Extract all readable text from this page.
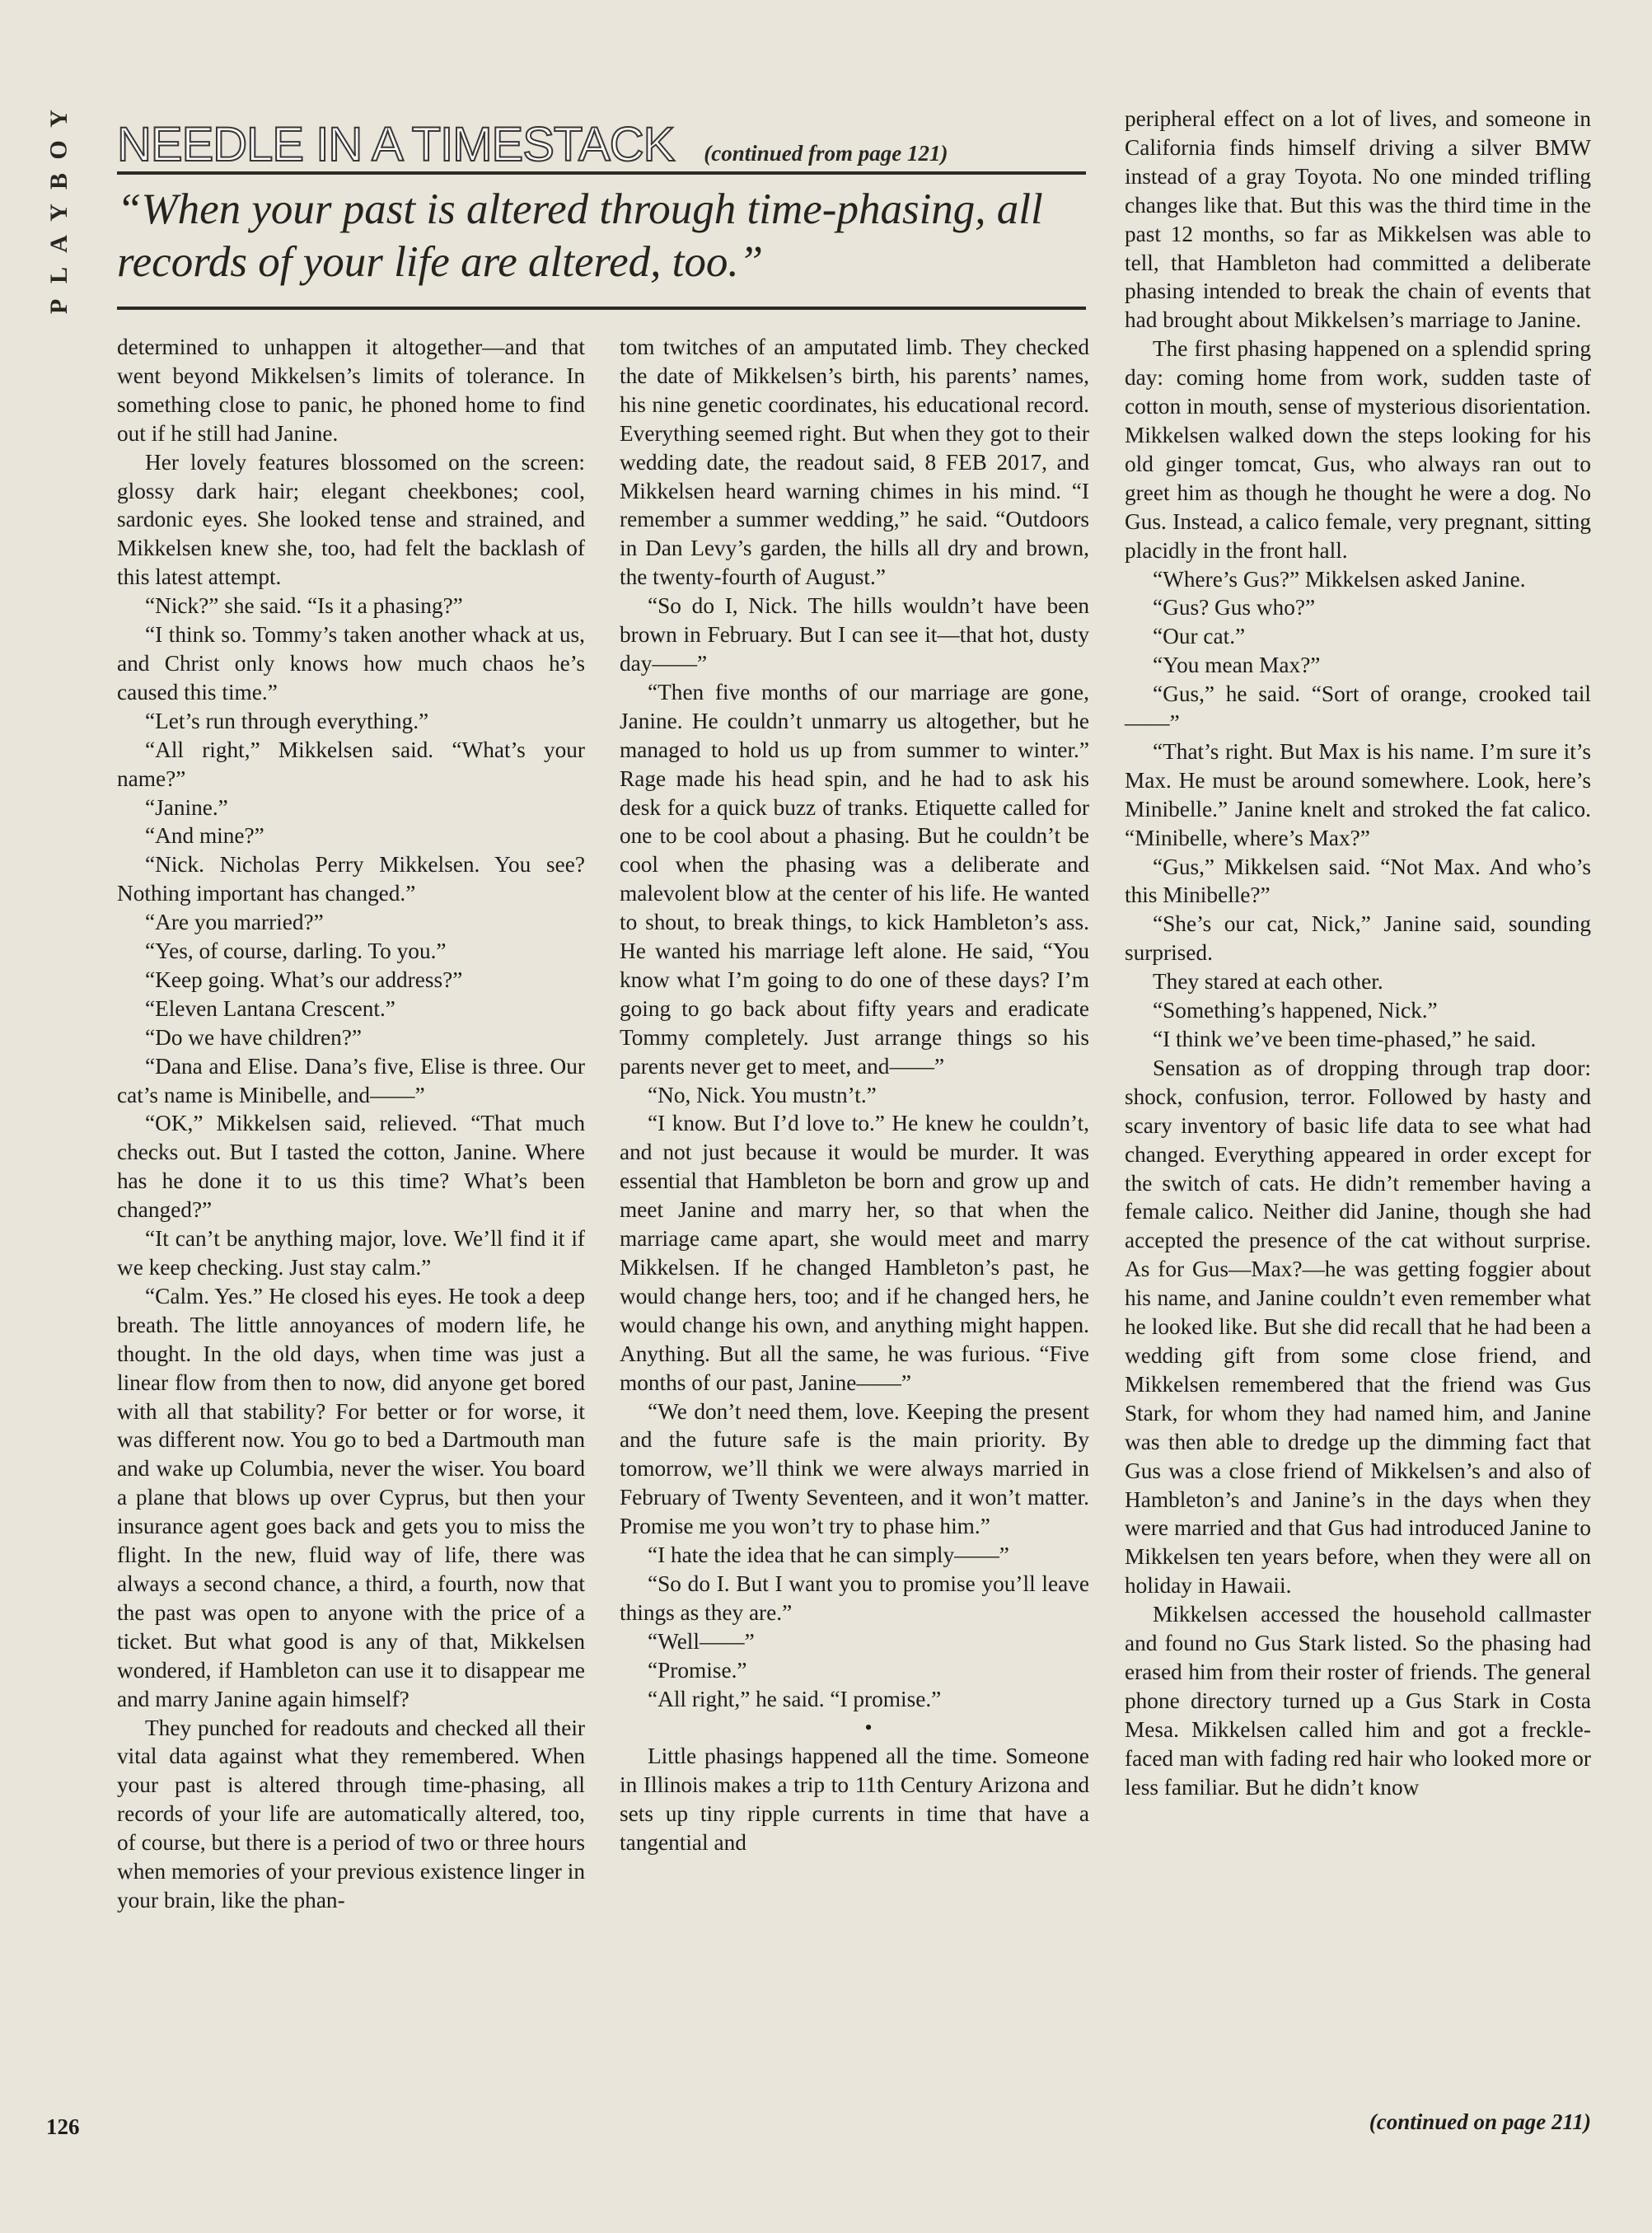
Y
O
B
Y
A
L
P
NEEDLE IN A TIMESTACK (continued from page 121)
“When your past is altered through time-phasing, all records of your life are altered, too.”

determined to unhappen it altogether—and that went beyond Mikkelsen’s limits of tolerance. In something close to panic, he phoned home to find out if he still had Janine.

Her lovely features blossomed on the screen: glossy dark hair; elegant cheekbones; cool, sardonic eyes. She looked tense and strained, and Mikkelsen knew she, too, had felt the backlash of this latest attempt.

“Nick?” she said. “Is it a phasing?”

“I think so. Tommy’s taken another whack at us, and Christ only knows how much chaos he’s caused this time.”

“Let’s run through everything.”

“All right,” Mikkelsen said. “What’s your name?”

“Janine.”

“And mine?”

“Nick. Nicholas Perry Mikkelsen. You see? Nothing important has changed.”

“Are you married?”

“Yes, of course, darling. To you.”

“Keep going. What’s our address?”

“Eleven Lantana Crescent.”

“Do we have children?”

“Dana and Elise. Dana’s five, Elise is three. Our cat’s name is Minibelle, and——”

“OK,” Mikkelsen said, relieved. “That much checks out. But I tasted the cotton, Janine. Where has he done it to us this time? What’s been changed?”

“It can’t be anything major, love. We’ll find it if we keep checking. Just stay calm.”

“Calm. Yes.” He closed his eyes. He took a deep breath. The little annoyances of modern life, he thought. In the old days, when time was just a linear flow from then to now, did anyone get bored with all that stability? For better or for worse, it was different now. You go to bed a Dartmouth man and wake up Columbia, never the wiser. You board a plane that blows up over Cyprus, but then your insurance agent goes back and gets you to miss the flight. In the new, fluid way of life, there was always a second chance, a third, a fourth, now that the past was open to anyone with the price of a ticket. But what good is any of that, Mikkelsen wondered, if Hambleton can use it to disappear me and marry Janine again himself?

They punched for readouts and checked all their vital data against what they remembered. When your past is altered through time-phasing, all records of your life are automatically altered, too, of course, but there is a period of two or three hours when memories of your previous existence linger in your brain, like the phan-

tom twitches of an amputated limb. They checked the date of Mikkelsen’s birth, his parents’ names, his nine genetic coordinates, his educational record. Everything seemed right. But when they got to their wedding date, the readout said, 8 FEB 2017, and Mikkelsen heard warning chimes in his mind. “I remember a summer wedding,” he said. “Outdoors in Dan Levy’s garden, the hills all dry and brown, the twenty-fourth of August.”

“So do I, Nick. The hills wouldn’t have been brown in February. But I can see it—that hot, dusty day——”

“Then five months of our marriage are gone, Janine. He couldn’t unmarry us altogether, but he managed to hold us up from summer to winter.” Rage made his head spin, and he had to ask his desk for a quick buzz of tranks. Etiquette called for one to be cool about a phasing. But he couldn’t be cool when the phasing was a deliberate and malevolent blow at the center of his life. He wanted to shout, to break things, to kick Hambleton’s ass. He wanted his marriage left alone. He said, “You know what I’m going to do one of these days? I’m going to go back about fifty years and eradicate Tommy completely. Just arrange things so his parents never get to meet, and——”

“No, Nick. You mustn’t.”

“I know. But I’d love to.” He knew he couldn’t, and not just because it would be murder. It was essential that Hambleton be born and grow up and meet Janine and marry her, so that when the marriage came apart, she would meet and marry Mikkelsen. If he changed Hambleton’s past, he would change hers, too; and if he changed hers, he would change his own, and anything might happen. Anything. But all the same, he was furious. “Five months of our past, Janine——”

“We don’t need them, love. Keeping the present and the future safe is the main priority. By tomorrow, we’ll think we were always married in February of Twenty Seventeen, and it won’t matter. Promise me you won’t try to phase him.”

“I hate the idea that he can simply——”

“So do I. But I want you to promise you’ll leave things as they are.”

“Well——”

“Promise.”

“All right,” he said. “I promise.”

•

Little phasings happened all the time. Someone in Illinois makes a trip to 11th Century Arizona and sets up tiny ripple currents in time that have a tangential and

peripheral effect on a lot of lives, and someone in California finds himself driving a silver BMW instead of a gray Toyota. No one minded trifling changes like that. But this was the third time in the past 12 months, so far as Mikkelsen was able to tell, that Hambleton had committed a deliberate phasing intended to break the chain of events that had brought about Mikkelsen’s marriage to Janine.

The first phasing happened on a splendid spring day: coming home from work, sudden taste of cotton in mouth, sense of mysterious disorientation. Mikkelsen walked down the steps looking for his old ginger tomcat, Gus, who always ran out to greet him as though he thought he were a dog. No Gus. Instead, a calico female, very pregnant, sitting placidly in the front hall.

“Where’s Gus?” Mikkelsen asked Janine.

“Gus? Gus who?”

“Our cat.”

“You mean Max?”

“Gus,” he said. “Sort of orange, crooked tail——”

“That’s right. But Max is his name. I’m sure it’s Max. He must be around somewhere. Look, here’s Minibelle.” Janine knelt and stroked the fat calico. “Minibelle, where’s Max?”

“Gus,” Mikkelsen said. “Not Max. And who’s this Minibelle?”

“She’s our cat, Nick,” Janine said, sounding surprised.

They stared at each other.

“Something’s happened, Nick.”

“I think we’ve been time-phased,” he said.

Sensation as of dropping through trap door: shock, confusion, terror. Followed by hasty and scary inventory of basic life data to see what had changed. Everything appeared in order except for the switch of cats. He didn’t remember having a female calico. Neither did Janine, though she had accepted the presence of the cat without surprise. As for Gus—Max?—he was getting foggier about his name, and Janine couldn’t even remember what he looked like. But she did recall that he had been a wedding gift from some close friend, and Mikkelsen remembered that the friend was Gus Stark, for whom they had named him, and Janine was then able to dredge up the dimming fact that Gus was a close friend of Mikkelsen’s and also of Hambleton’s and Janine’s in the days when they were married and that Gus had introduced Janine to Mikkelsen ten years before, when they were all on holiday in Hawaii.

Mikkelsen accessed the household callmaster and found no Gus Stark listed. So the phasing had erased him from their roster of friends. The general phone directory turned up a Gus Stark in Costa Mesa. Mikkelsen called him and got a freckle-faced man with fading red hair who looked more or less familiar. But he didn’t know

(continued on page 211)
126
